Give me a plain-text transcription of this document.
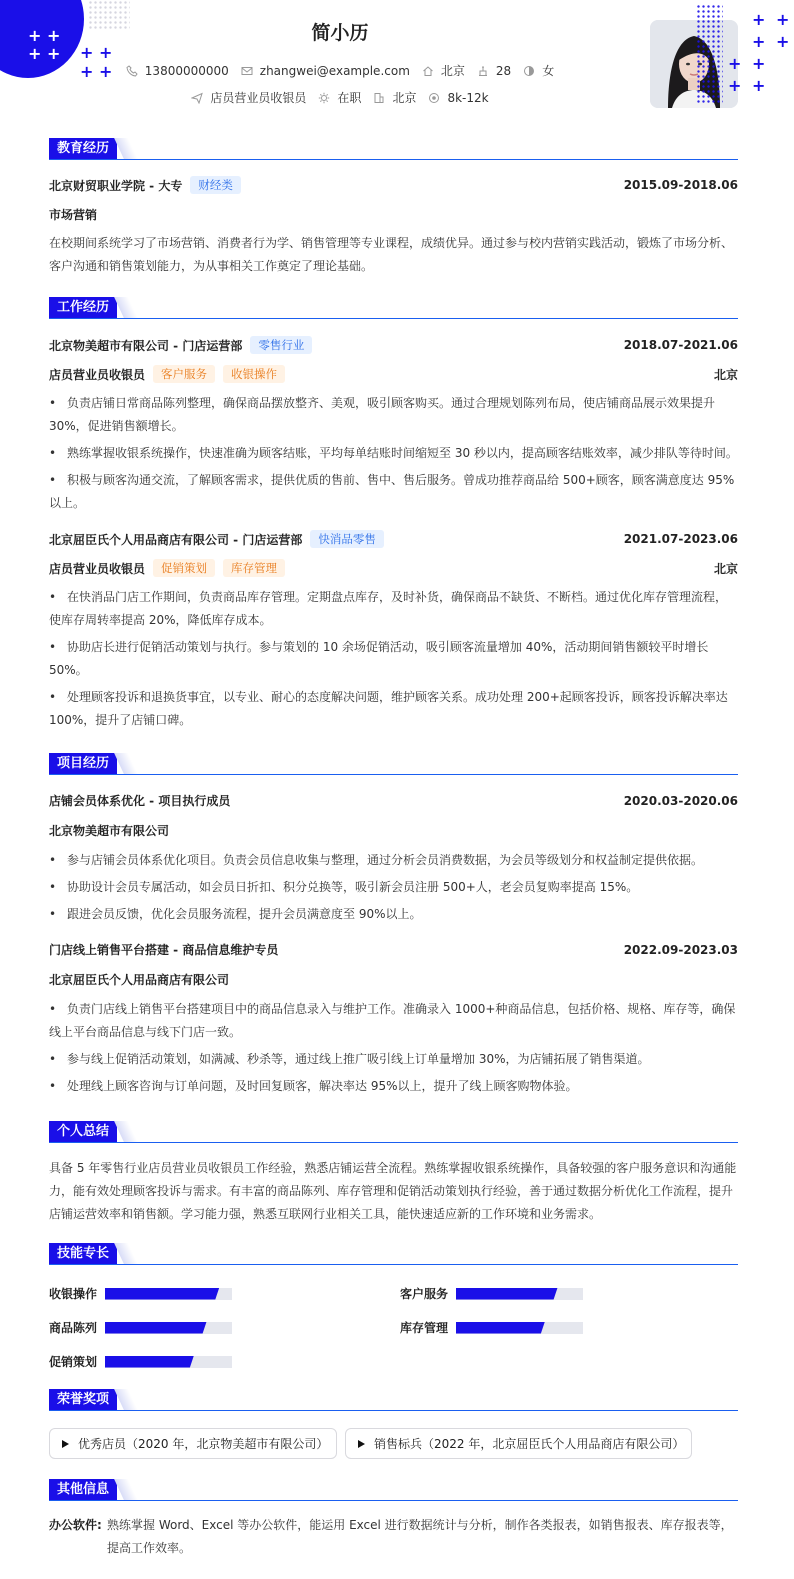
+ +
+ + + +
+ +
+ +
+ +
+ +
+ +
简小历
13800000000	zhangwei@example.com	北京	28	女
店员营业员收银员	在职	北京	8k-12k
教育经历
北京财贸职业学院 - 大专	财经类	2015.09-2018.06
市场营销
在校期间系统学习了市场营销、消费者行为学、销售管理等专业课程，成绩优异。通过参与校内营销实践活动，锻炼了市场分析、客户沟通和销售策划能力，为从事相关工作奠定了理论基础。
工作经历
北京物美超市有限公司 - 门店运营部	零售行业	2018.07-2021.06
店员营业员收银员	客户服务	收银操作	北京
• 负责店铺日常商品陈列整理，确保商品摆放整齐、美观，吸引顾客购买。通过合理规划陈列布局，使店铺商品展示效果提升 30%，促进销售额增长。
• 熟练掌握收银系统操作，快速准确为顾客结账，平均每单结账时间缩短至 30 秒以内，提高顾客结账效率，减少排队等待时间。
• 积极与顾客沟通交流，了解顾客需求，提供优质的售前、售中、售后服务。曾成功推荐商品给 500+顾客，顾客满意度达 95%以上。
北京屈臣氏个人用品商店有限公司 - 门店运营部	快消品零售	2021.07-2023.06
店员营业员收银员	促销策划	库存管理	北京
• 在快消品门店工作期间，负责商品库存管理。定期盘点库存，及时补货，确保商品不缺货、不断档。通过优化库存管理流程，使库存周转率提高 20%，降低库存成本。
• 协助店长进行促销活动策划与执行。参与策划的 10 余场促销活动，吸引顾客流量增加 40%，活动期间销售额较平时增长 50%。
• 处理顾客投诉和退换货事宜，以专业、耐心的态度解决问题，维护顾客关系。成功处理 200+起顾客投诉，顾客投诉解决率达 100%，提升了店铺口碑。
项目经历
店铺会员体系优化 - 项目执行成员	2020.03-2020.06
北京物美超市有限公司
• 参与店铺会员体系优化项目。负责会员信息收集与整理，通过分析会员消费数据，为会员等级划分和权益制定提供依据。
• 协助设计会员专属活动，如会员日折扣、积分兑换等，吸引新会员注册 500+人，老会员复购率提高 15%。
• 跟进会员反馈，优化会员服务流程，提升会员满意度至 90%以上。
门店线上销售平台搭建 - 商品信息维护专员	2022.09-2023.03
北京屈臣氏个人用品商店有限公司
• 负责门店线上销售平台搭建项目中的商品信息录入与维护工作。准确录入 1000+种商品信息，包括价格、规格、库存等，确保线上平台商品信息与线下门店一致。
• 参与线上促销活动策划，如满减、秒杀等，通过线上推广吸引线上订单量增加 30%，为店铺拓展了销售渠道。
• 处理线上顾客咨询与订单问题，及时回复顾客，解决率达 95%以上，提升了线上顾客购物体验。
个人总结
具备 5 年零售行业店员营业员收银员工作经验，熟悉店铺运营全流程。熟练掌握收银系统操作，具备较强的客户服务意识和沟通能力，能有效处理顾客投诉与需求。有丰富的商品陈列、库存管理和促销活动策划执行经验，善于通过数据分析优化工作流程，提升店铺运营效率和销售额。学习能力强，熟悉互联网行业相关工具，能快速适应新的工作环境和业务需求。
技能专长
收银操作	客户服务
商品陈列	库存管理
促销策划
荣誉奖项
优秀店员（2020 年，北京物美超市有限公司）	销售标兵（2022 年，北京屈臣氏个人用品商店有限公司）
其他信息
办公软件: 熟练掌握 Word、Excel 等办公软件，能运用 Excel 进行数据统计与分析，制作各类报表，如销售报表、库存报表等，提高工作效率。
